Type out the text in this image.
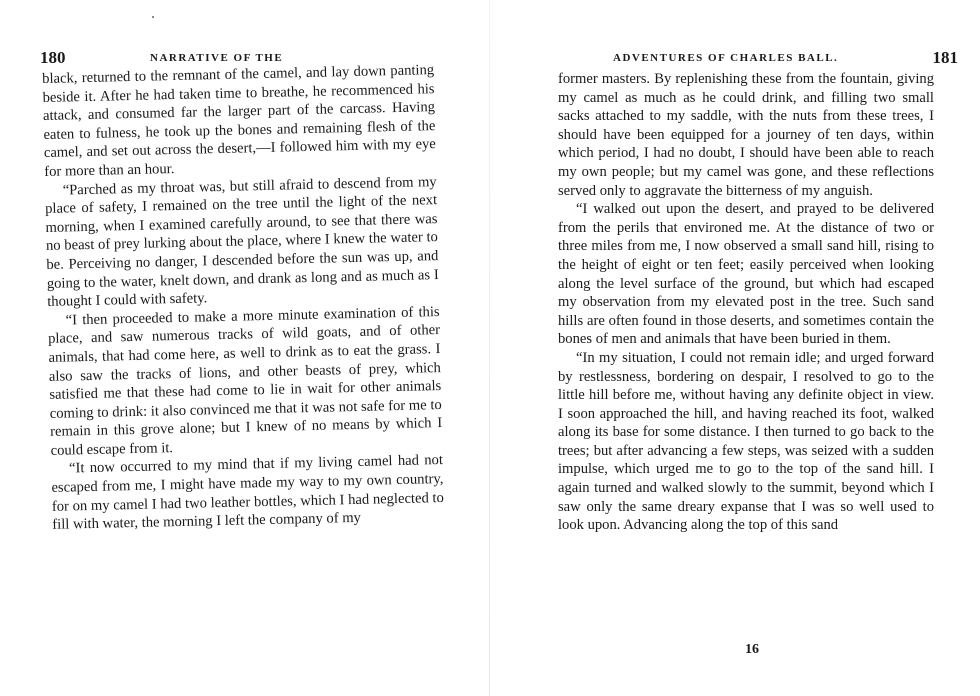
180	NARRATIVE OF THE

black, returned to the remnant of the camel, and lay down panting beside it. After he had taken time to breathe, he recommenced his attack, and consumed far the larger part of the carcass. Having eaten to fulness, he took up the bones and remaining flesh of the camel, and set out across the desert,—I followed him with my eye for more than an hour.

“Parched as my throat was, but still afraid to descend from my place of safety, I remained on the tree until the light of the next morning, when I examined carefully around, to see that there was no beast of prey lurking about the place, where I knew the water to be. Perceiving no danger, I descended before the sun was up, and going to the water, knelt down, and drank as long and as much as I thought I could with safety.

“I then proceeded to make a more minute examination of this place, and saw numerous tracks of wild goats, and of other animals, that had come here, as well to drink as to eat the grass. I also saw the tracks of lions, and other beasts of prey, which satisfied me that these had come to lie in wait for other animals coming to drink: it also convinced me that it was not safe for me to remain in this grove alone; but I knew of no means by which I could escape from it.

“It now occurred to my mind that if my living camel had not escaped from me, I might have made my way to my own country, for on my camel I had two leather bottles, which I had neglected to fill with water, the morning I left the company of my

ADVENTURES OF CHARLES BALL.	181

former masters. By replenishing these from the fountain, giving my camel as much as he could drink, and filling two small sacks attached to my saddle, with the nuts from these trees, I should have been equipped for a journey of ten days, within which period, I had no doubt, I should have been able to reach my own people; but my camel was gone, and these reflections served only to aggravate the bitterness of my anguish.

“I walked out upon the desert, and prayed to be delivered from the perils that environed me. At the distance of two or three miles from me, I now observed a small sand hill, rising to the height of eight or ten feet; easily perceived when looking along the level surface of the ground, but which had escaped my observation from my elevated post in the tree. Such sand hills are often found in those deserts, and sometimes contain the bones of men and animals that have been buried in them.

“In my situation, I could not remain idle; and urged forward by restlessness, bordering on despair, I resolved to go to the little hill before me, without having any definite object in view. I soon approached the hill, and having reached its foot, walked along its base for some distance. I then turned to go back to the trees; but after advancing a few steps, was seized with a sudden impulse, which urged me to go to the top of the sand hill. I again turned and walked slowly to the summit, beyond which I saw only the same dreary expanse that I was so well used to look upon. Advancing along the top of this sand

16
